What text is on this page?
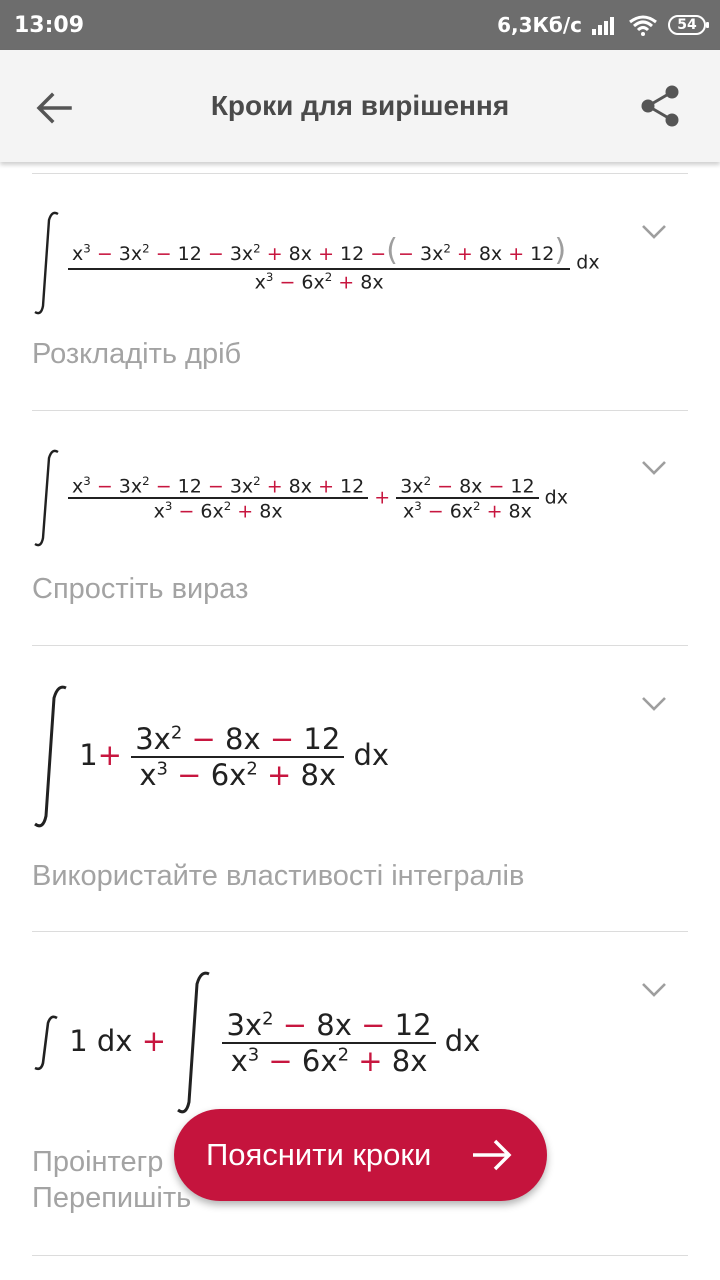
13:09	6,3Кб/с	54
Кроки для вирішення

$\frac{x^3 - 3x^2 - 12 - 3x^2 + 8x + 12 -(- 3x^2 + 8x + 12)}{x^3 - 6x^2 + 8x}$ dx
Розкладіть дріб

$\frac{x^3 - 3x^2 - 12 - 3x^2 + 8x + 12}{x^3 - 6x^2 + 8x} + \frac{3x^2 - 8x - 12}{x^3 - 6x^2 + 8x}$ dx
Спростіть вираз
$1+ \frac{3x^2 - 8x - 12}{x^3 - 6x^2 + 8x}$ dx
Використайте властивості інтегралів
1 dx + $\frac{3x^2 - 8x - 12}{x^3 - 6x^2 + 8x}$ dx
Проінтегр
Перепишіть
Пояснити кроки
